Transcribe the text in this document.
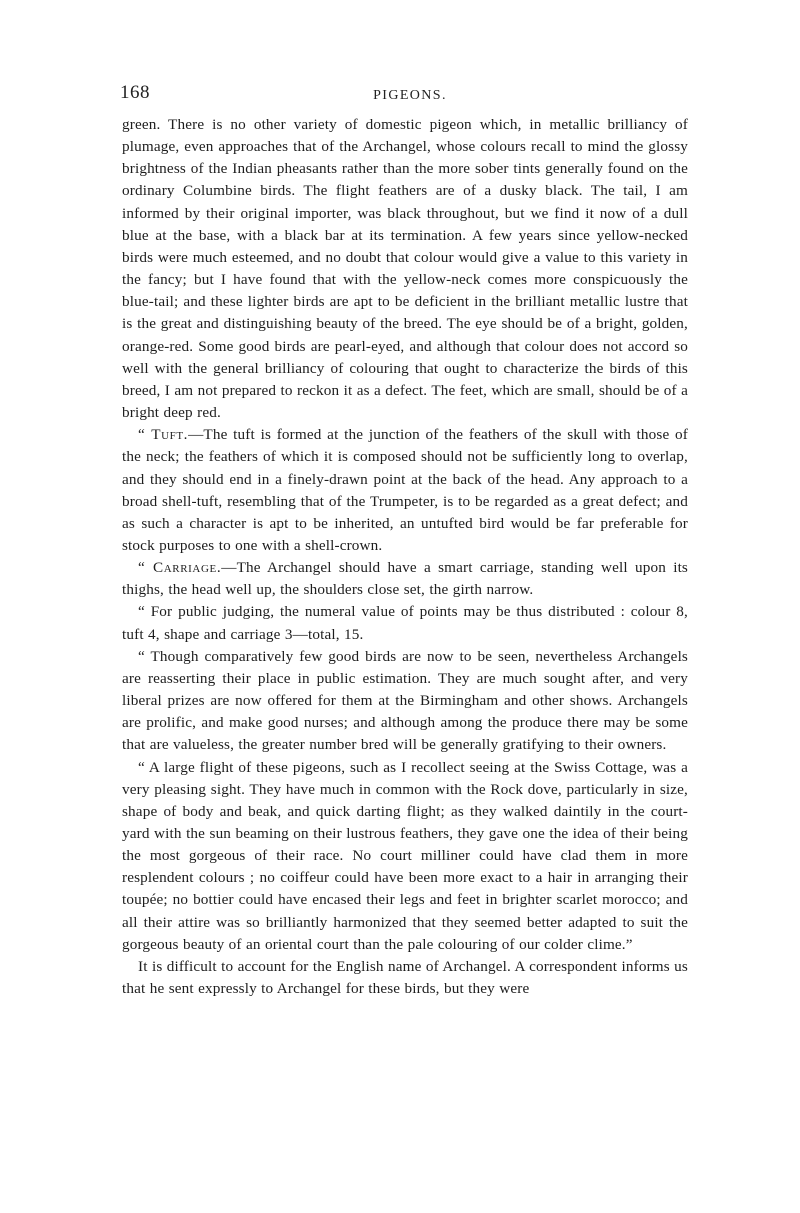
168	PIGEONS.

green. There is no other variety of domestic pigeon which, in metallic brilliancy of plumage, even approaches that of the Archangel, whose colours recall to mind the glossy brightness of the Indian pheasants rather than the more sober tints generally found on the ordinary Columbine birds. The flight feathers are of a dusky black. The tail, I am informed by their original importer, was black throughout, but we find it now of a dull blue at the base, with a black bar at its termination. A few years since yellow-necked birds were much esteemed, and no doubt that colour would give a value to this variety in the fancy; but I have found that with the yellow-neck comes more conspicuously the blue-tail; and these lighter birds are apt to be deficient in the brilliant metallic lustre that is the great and distinguishing beauty of the breed. The eye should be of a bright, golden, orange-red. Some good birds are pearl-eyed, and although that colour does not accord so well with the general brilliancy of colouring that ought to characterize the birds of this breed, I am not prepared to reckon it as a defect. The feet, which are small, should be of a bright deep red.

“ Tuft.—The tuft is formed at the junction of the feathers of the skull with those of the neck; the feathers of which it is composed should not be sufficiently long to overlap, and they should end in a finely-drawn point at the back of the head. Any approach to a broad shell-tuft, resembling that of the Trumpeter, is to be regarded as a great defect; and as such a character is apt to be inherited, an untufted bird would be far preferable for stock purposes to one with a shell-crown.

“ Carriage.—The Archangel should have a smart carriage, standing well upon its thighs, the head well up, the shoulders close set, the girth narrow.

“ For public judging, the numeral value of points may be thus distributed : colour 8, tuft 4, shape and carriage 3—total, 15.

“ Though comparatively few good birds are now to be seen, nevertheless Archangels are reasserting their place in public estimation. They are much sought after, and very liberal prizes are now offered for them at the Birmingham and other shows. Archangels are prolific, and make good nurses; and although among the produce there may be some that are valueless, the greater number bred will be generally gratifying to their owners.

“ A large flight of these pigeons, such as I recollect seeing at the Swiss Cottage, was a very pleasing sight. They have much in common with the Rock dove, particularly in size, shape of body and beak, and quick darting flight; as they walked daintily in the court-yard with the sun beaming on their lustrous feathers, they gave one the idea of their being the most gorgeous of their race. No court milliner could have clad them in more resplendent colours ; no coiffeur could have been more exact to a hair in arranging their toupée; no bottier could have encased their legs and feet in brighter scarlet morocco; and all their attire was so brilliantly harmonized that they seemed better adapted to suit the gorgeous beauty of an oriental court than the pale colouring of our colder clime.”

It is difficult to account for the English name of Archangel. A correspondent informs us that he sent expressly to Archangel for these birds, but they were
